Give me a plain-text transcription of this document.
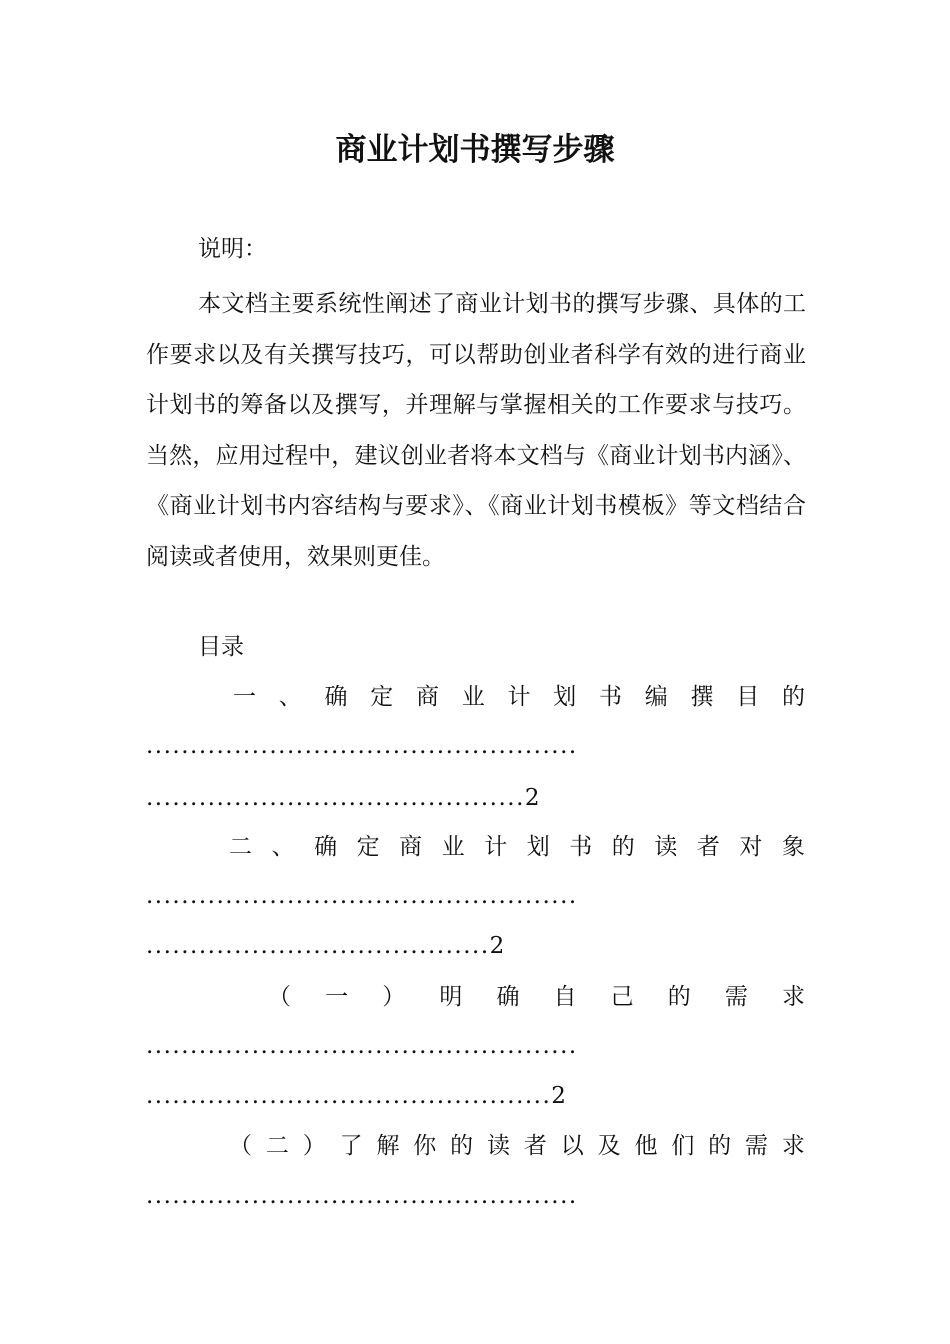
商业计划书撰写步骤
说明：

本文档主要系统性阐述了商业计划书的撰写步骤、具体的工作要求以及有关撰写技巧，可以帮助创业者科学有效的进行商业计划书的筹备以及撰写，并理解与掌握相关的工作要求与技巧。当然，应用过程中，建议创业者将本文档与《商业计划书内涵》、《商业计划书内容结构与要求》、《商业计划书模板》等文档结合阅读或者使用，效果则更佳。

目录
一 、 确 定 商 业 计 划 书 编 撰 目 的
.................................................
...........................................2
二 、 确 定 商 业 计 划 书 的 读 者 对 象
.................................................
.......................................2
（ 一 ） 明 确 自 己 的 需 求
.................................................
..............................................2
（ 二 ） 了 解 你 的 读 者 以 及 他 们 的 需 求
.................................................
